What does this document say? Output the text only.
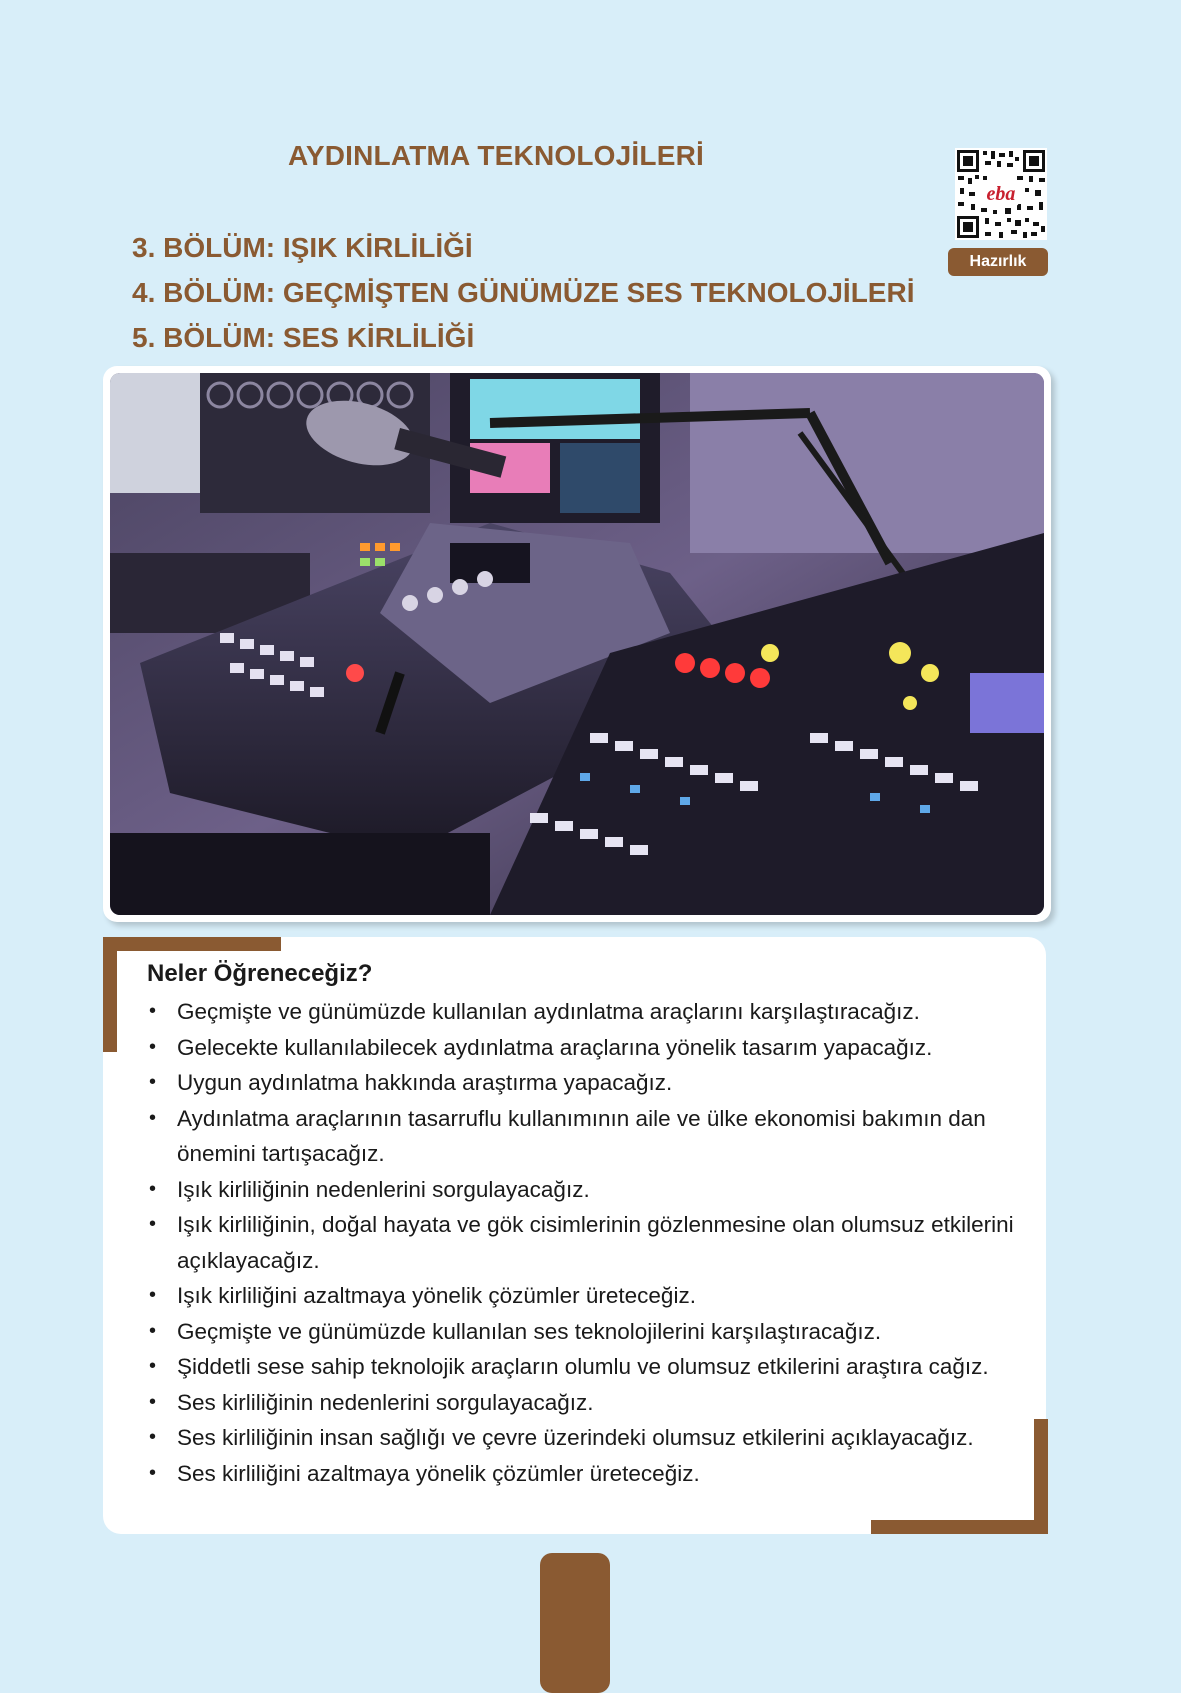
AYDINLATMA TEKNOLOJİLERİ
3. BÖLÜM: IŞIK KİRLİLİĞİ
4. BÖLÜM: GEÇMİŞTEN GÜNÜMÜZE SES TEKNOLOJİLERİ
5. BÖLÜM: SES KİRLİLİĞİ
eba
Hazırlık
Neler Öğreneceğiz?
• Geçmişte ve günümüzde kullanılan aydınlatma araçlarını karşılaştıracağız.
• Gelecekte kullanılabilecek aydınlatma araçlarına yönelik tasarım yapacağız.
• Uygun aydınlatma hakkında araştırma yapacağız.
• Aydınlatma araçlarının tasarruflu kullanımının aile ve ülke ekonomisi bakımın dan önemini tartışacağız.
• Işık kirliliğinin nedenlerini sorgulayacağız.
• Işık kirliliğinin, doğal hayata ve gök cisimlerinin gözlenmesine olan olumsuz etkilerini açıklayacağız.
• Işık kirliliğini azaltmaya yönelik çözümler üreteceğiz.
• Geçmişte ve günümüzde kullanılan ses teknolojilerini karşılaştıracağız.
• Şiddetli sese sahip teknolojik araçların olumlu ve olumsuz etkilerini araştıra cağız.
• Ses kirliliğinin nedenlerini sorgulayacağız.
• Ses kirliliğinin insan sağlığı ve çevre üzerindeki olumsuz etkilerini açıklayacağız.
• Ses kirliliğini azaltmaya yönelik çözümler üreteceğiz.
